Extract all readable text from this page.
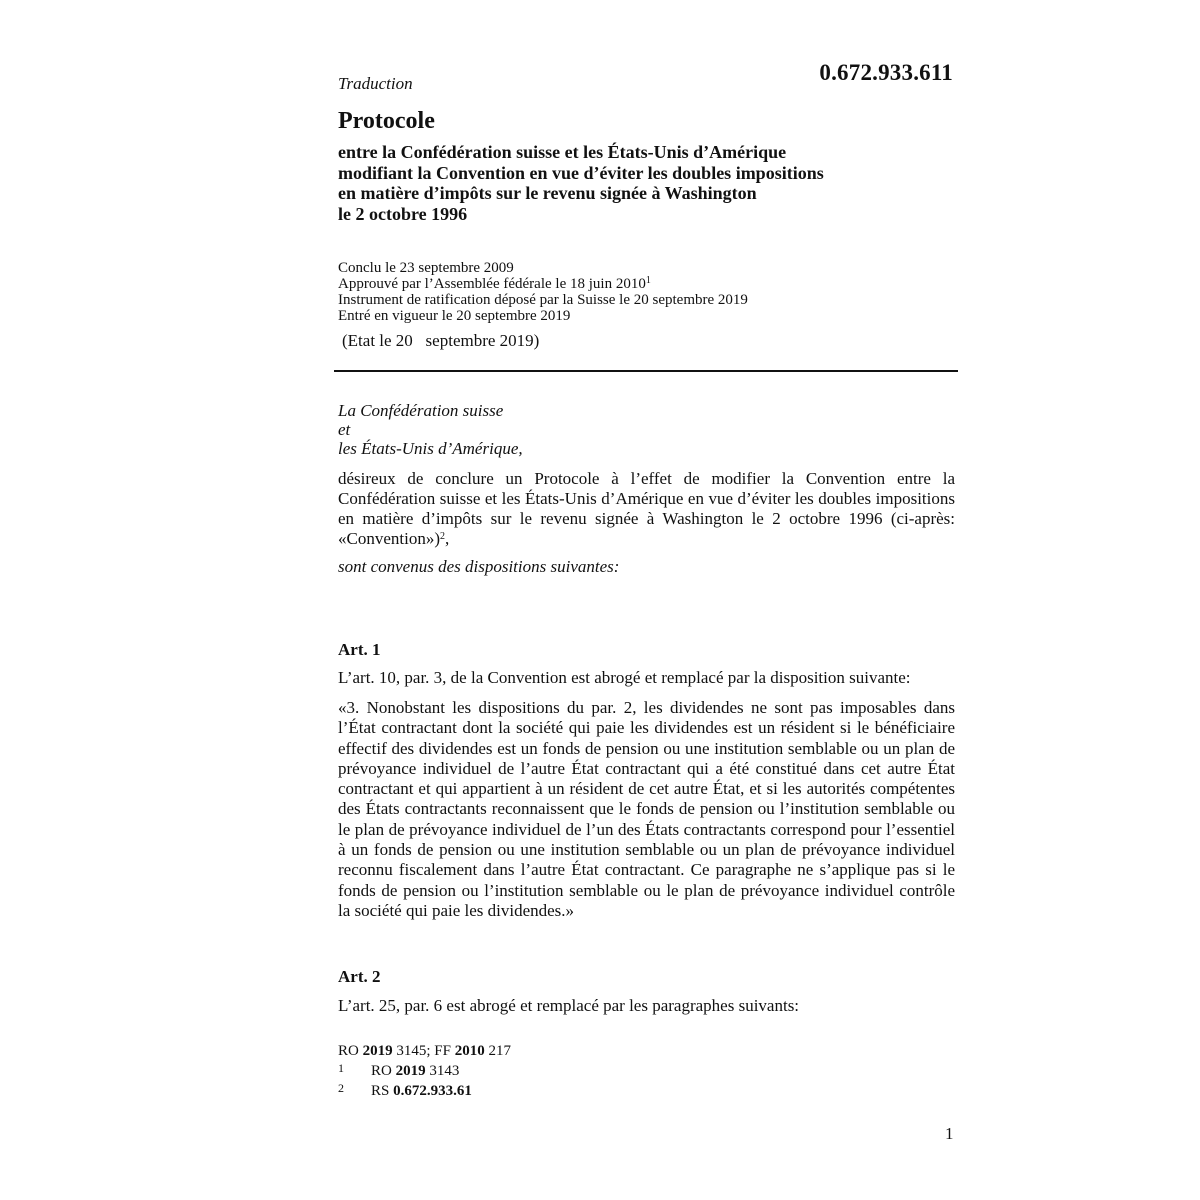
Traduction	0.672.933.611
Protocole
entre la Confédération suisse et les États-Unis d’Amérique
modifiant la Convention en vue d’éviter les doubles impositions
en matière d’impôts sur le revenu signée à Washington
le 2 octobre 1996
Conclu le 23 septembre 2009
Approuvé par l’Assemblée fédérale le 18 juin 2010$^1$
Instrument de ratification déposé par la Suisse le 20 septembre 2019
Entré en vigueur le 20 septembre 2019
(Etat le 20   septembre 2019)
La Confédération suisse
et
les États-Unis d’Amérique,

désireux de conclure un Protocole à l’effet de modifier la Convention entre la Confédération suisse et les États-Unis d’Amérique en vue d’éviter les doubles impositions en matière d’impôts sur le revenu signée à Washington le 2 octobre 1996 (ci-après: «Convention»)$^2$,

sont convenus des dispositions suivantes:
Art. 1
L’art. 10, par. 3, de la Convention est abrogé et remplacé par la disposition suivante:

«3. Nonobstant les dispositions du par. 2, les dividendes ne sont pas imposables dans l’État contractant dont la société qui paie les dividendes est un résident si le bénéficiaire effectif des dividendes est un fonds de pension ou une institution semblable ou un plan de prévoyance individuel de l’autre État contractant qui a été constitué dans cet autre État contractant et qui appartient à un résident de cet autre État, et si les autorités compétentes des États contractants reconnaissent que le fonds de pension ou l’institution semblable ou le plan de prévoyance individuel de l’un des États contractants correspond pour l’essentiel à un fonds de pension ou une institution semblable ou un plan de prévoyance individuel reconnu fiscalement dans l’autre État contractant. Ce paragraphe ne s’applique pas si le fonds de pension ou l’institution semblable ou le plan de prévoyance individuel contrôle la société qui paie les dividendes.»

Art. 2
L’art. 25, par. 6 est abrogé et remplacé par les paragraphes suivants:
RO 2019 3145; FF 2010 217
1 RO 2019 3143
2 RS 0.672.933.61
1
